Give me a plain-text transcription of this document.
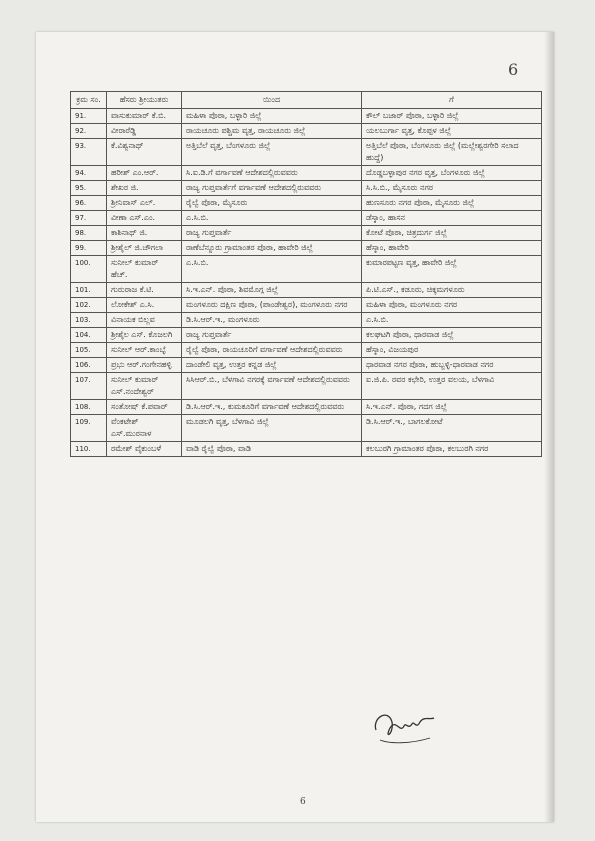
6
ಕ್ರಮ ಸಂ.	ಹೆಸರು ಶ್ರೀಯುತರು	ಯಿಂದ	ಗೆ
91.	ವಾಸುಕುಮಾರ್ ಕೆ.ಬಿ.	ಮಹಿಳಾ ಪೊಠಾ, ಬಳ್ಳಾರಿ ಜಿಲ್ಲೆ	ಕೌಲ್ ಬಜಾರ್ ಪೊಠಾ, ಬಳ್ಳಾರಿ ಜಿಲ್ಲೆ
92.	ವೀರಾರೆಡ್ಡಿ	ರಾಯಚೂರು ಪಶ್ಚಿಮ ವೃತ್ತ, ರಾಯಚೂರು ಜಿಲ್ಲೆ	ಯಲಬುರ್ಗಾ ವೃತ್ತ, ಕೊಪ್ಪಳ ಜಿಲ್ಲೆ
93.	ಕೆ.ವಿಶ್ವನಾಥ್	ಅತ್ತಿಬೆಲೆ ವೃತ್ತ, ಬೆಂಗಳೂರು ಜಿಲ್ಲೆ	ಅತ್ತಿಬೆಲೆ ಪೊಠಾ, ಬೆಂಗಳೂರು ಜಿಲ್ಲೆ (ಮಲ್ಲೇಶ್ವರಗೇರಿ ಸಲಾದ ಹುದ್ದೆ)
94.	ಹರೀಶ್ ಎಂ.ಆರ್.	ಸಿ.ಐ.ಡಿ.ಗೆ ವರ್ಗಾವಣೆ ಆದೇಶದಲ್ಲಿರುವವರು	ದೊಡ್ಡಬಳ್ಳಾಪುರ ನಗರ ವೃತ್ತ, ಬೆಂಗಳೂರು ಜಿಲ್ಲೆ
95.	ಶೇಖರ ಜಿ.	ರಾಜ್ಯ ಗುಪ್ತವಾರ್ತೆಗೆ ವರ್ಗಾವಣೆ ಆದೇಶದಲ್ಲಿರುವವರು	ಸಿ.ಸಿ.ಬಿ., ಮೈಸೂರು ನಗರ
96.	ಶ್ರೀನಿವಾಸ್ ಎಲ್.	ರೈಲ್ವೆ ಪೊಠಾ, ಮೈಸೂರು	ಹುಣಸೂರು ನಗರ ಪೊಠಾ, ಮೈಸೂರು ಜಿಲ್ಲೆ
97.	ವೀಣಾ ಎಸ್.ಎಂ.	ಎ.ಸಿ.ಬಿ.	ಡೆಸ್ಕಾಂ, ಹಾಸನ
98.	ಕಾಶಿನಾಥ್ ಜಿ.	ರಾಜ್ಯ ಗುಪ್ತವಾರ್ತೆ	ಕೋಟೆ ಪೊಠಾ, ಚಿತ್ರದುರ್ಗ ಜಿಲ್ಲೆ
99.	ಶ್ರೀಶೈಲ್ ಜಿ.ಚೌಗಲಾ	ರಾಣೆಬೆನ್ನೂರು ಗ್ರಾಮಾಂತರ ಪೊಠಾ, ಹಾವೇರಿ ಜಿಲ್ಲೆ	ಹೆಸ್ಕಾಂ, ಹಾವೇರಿ
100.	ಸುನೀಲ್ ಕುಮಾರ್ ಹೆಚ್.	ಎ.ಸಿ.ಬಿ.	ಕುಮಾರಪಟ್ಟಣ ವೃತ್ತ, ಹಾವೇರಿ ಜಿಲ್ಲೆ
101.	ಗುರುರಾಜ ಕೆ.ಟಿ.	ಸಿ.ಇ.ಎನ್. ಪೊಠಾ, ಶಿವಮೊಗ್ಗ ಜಿಲ್ಲೆ	ಪಿ.ಟಿ.ಎಸ್., ಕಡೂರು, ಚಿಕ್ಕಮಗಳೂರು
102.	ಲೋಕೇಶ್ ಎ.ಸಿ.	ಮಂಗಳೂರು ದಕ್ಷಿಣ ಪೊಠಾ, (ಪಾಂಡೇಶ್ವರ), ಮಂಗಳೂರು ನಗರ	ಮಹಿಳಾ ಪೊಠಾ, ಮಂಗಳೂರು ನಗರ
103.	ವಿನಾಯಕ ಬಿಲ್ಲವ	ಡಿ.ಸಿ.ಆರ್.ಇ., ಮಂಗಳೂರು	ಎ.ಸಿ.ಬಿ.
104.	ಶ್ರೀಶೈಲ ಎಸ್. ಕೊಜಲಗಿ	ರಾಜ್ಯ ಗುಪ್ತವಾರ್ತೆ	ಕಲಘಟಗಿ ಪೊಠಾ, ಧಾರವಾಡ ಜಿಲ್ಲೆ
105.	ಸುನೀಲ್ ಆರ್.ಕಾಂಬ್ಳೆ	ರೈಲ್ವೆ ಪೊಠಾ, ರಾಯಚೂರಿಗೆ ವರ್ಗಾವಣೆ ಆದೇಶದಲ್ಲಿರುವವರು	ಹೆಸ್ಕಾಂ, ವಿಜಯಪುರ
106.	ಪ್ರಭು ಆರ್.ಗಂಗೇನಹಳ್ಳಿ	ದಾಂಡೇಲಿ ವೃತ್ತ, ಉತ್ತರ ಕನ್ನಡ ಜಿಲ್ಲೆ	ಧಾರವಾಡ ನಗರ ಪೊಠಾ, ಹುಬ್ಬಳ್ಳಿ-ಧಾರವಾಡ ನಗರ
107.	ಸುನೀಲ್ ಕುಮಾರ್ ಎಸ್.ನಂದೇಶ್ವರ್	ಸಿಸಿಆರ್.ಬಿ., ಬೆಳಗಾವಿ ನಗರಕ್ಕೆ ವರ್ಗಾವಣೆ ಆದೇಶದಲ್ಲಿರುವವರು	ಐ.ಜಿ.ಪಿ. ರವರ ಕಛೇರಿ, ಉತ್ತರ ವಲಯ, ಬೆಳಗಾವಿ
108.	ಸಂತೋಷ್ ಕೆ.ಪವಾರ್	ಡಿ.ಸಿ.ಆರ್.ಇ., ಕುಮಕೂರಿಗೆ ವರ್ಗಾವಣೆ ಆದೇಶದಲ್ಲಿರುವವರು	ಸಿ.ಇ.ಎನ್. ಪೊಠಾ, ಗದಗ ಜಿಲ್ಲೆ
109.	ವೆಂಕಟೇಶ್ ಎಸ್.ಮುರನಾಳ	ಮೂಡಲಗಿ ವೃತ್ತ, ಬೆಳಗಾವಿ ಜಿಲ್ಲೆ	ಡಿ.ಸಿ.ಆರ್.ಇ., ಬಾಗಲಕೋಟೆ
110.	ರಮೇಶ್ ವೈಕುಂಬಳೆ	ವಾಡಿ ರೈಲ್ವೆ ಪೊಠಾ, ವಾಡಿ	ಕಲಬುರಗಿ ಗ್ರಾಮಾಂತರ ಪೊಠಾ, ಕಲಬುರಗಿ ನಗರ
6
